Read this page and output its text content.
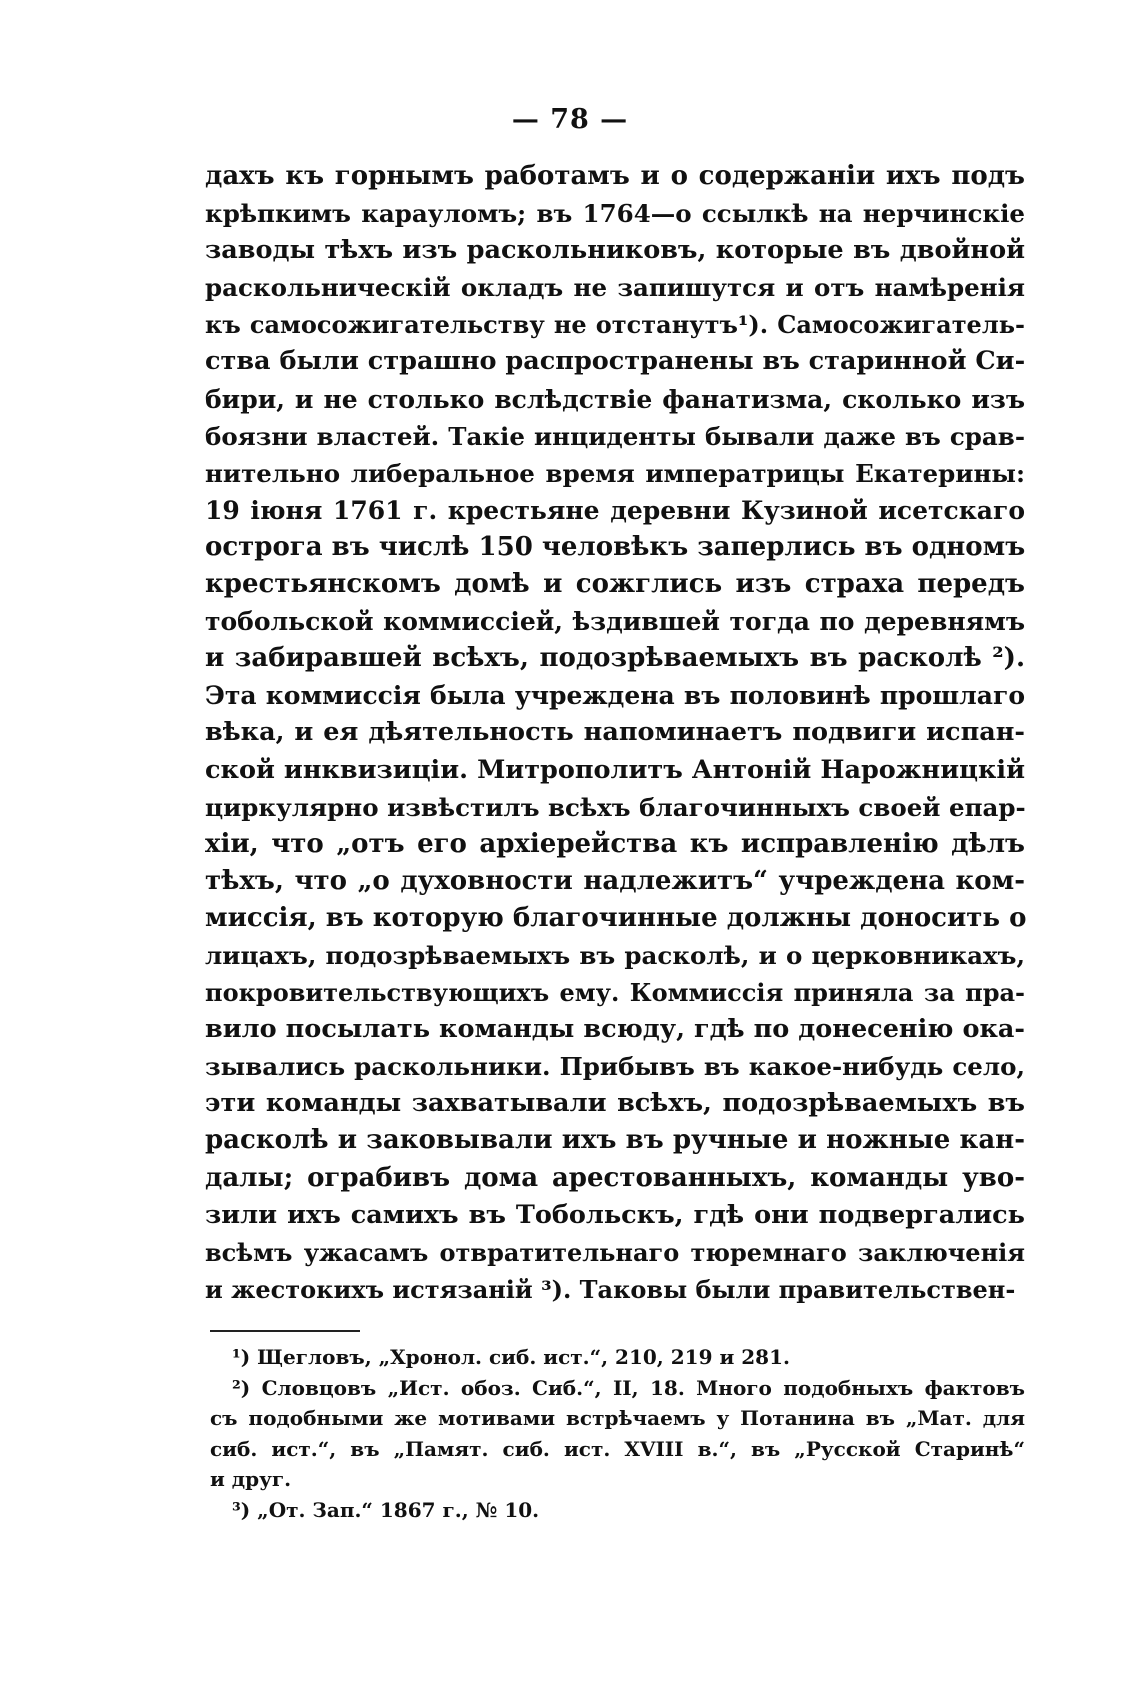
— 78 —
дахъ къ горнымъ работамъ и о содержанiи ихъ подъ
крѣпкимъ карауломъ; въ 1764—о ссылкѣ на нерчинскiе
заводы тѣхъ изъ раскольниковъ, которые въ двойной
раскольническiй окладъ не запишутся и отъ намѣренiя
къ самосожигательству не отстанутъ¹). Самосожигатель-
ства были страшно распространены въ старинной Си-
бири, и не столько вслѣдствiе фанатизма, сколько изъ
боязни властей. Такiе инциденты бывали даже въ срав-
нительно либеральное время императрицы Екатерины:
19 iюня 1761 г. крестьяне деревни Кузиной исетскаго
острога въ числѣ 150 человѣкъ заперлись въ одномъ
крестьянскомъ домѣ и сожглись изъ страха передъ
тобольской коммиссiей, ѣздившей тогда по деревнямъ
и забиравшей всѣхъ, подозрѣваемыхъ въ расколѣ ²).
Эта коммиссiя была учреждена въ половинѣ прошлаго
вѣка, и ея дѣятельность напоминаетъ подвиги испан-
ской инквизицiи. Митрополитъ Антонiй Нарожницкiй
циркулярно извѣстилъ всѣхъ благочинныхъ своей епар-
хiи, что „отъ его архiерейства къ исправленiю дѣлъ
тѣхъ, что „о духовности надлежитъ“ учреждена ком-
миссiя, въ которую благочинные должны доносить о
лицахъ, подозрѣваемыхъ въ расколѣ, и о церковникахъ,
покровительствующихъ ему. Коммиссiя приняла за пра-
вило посылать команды всюду, гдѣ по донесенiю ока-
зывались раскольники. Прибывъ въ какое-нибудь село,
эти команды захватывали всѣхъ, подозрѣваемыхъ въ
расколѣ и заковывали ихъ въ ручные и ножные кан-
далы; ограбивъ дома арестованныхъ, команды уво-
зили ихъ самихъ въ Тобольскъ, гдѣ они подвергались
всѣмъ ужасамъ отвратительнаго тюремнаго заключенiя
и жестокихъ истязанiй ³). Таковы были правительствен-
¹) Щегловъ, „Хронол. сиб. ист.“, 210, 219 и 281.
²) Словцовъ „Ист. обоз. Сиб.“, II, 18. Много подобныхъ фактовъ
съ подобными же мотивами встрѣчаемъ у Потанина въ „Мат. для
сиб. ист.“, въ „Памят. сиб. ист. XVIII в.“, въ „Русской Старинѣ“
и друг.
³) „От. Зап.“ 1867 г., № 10.
